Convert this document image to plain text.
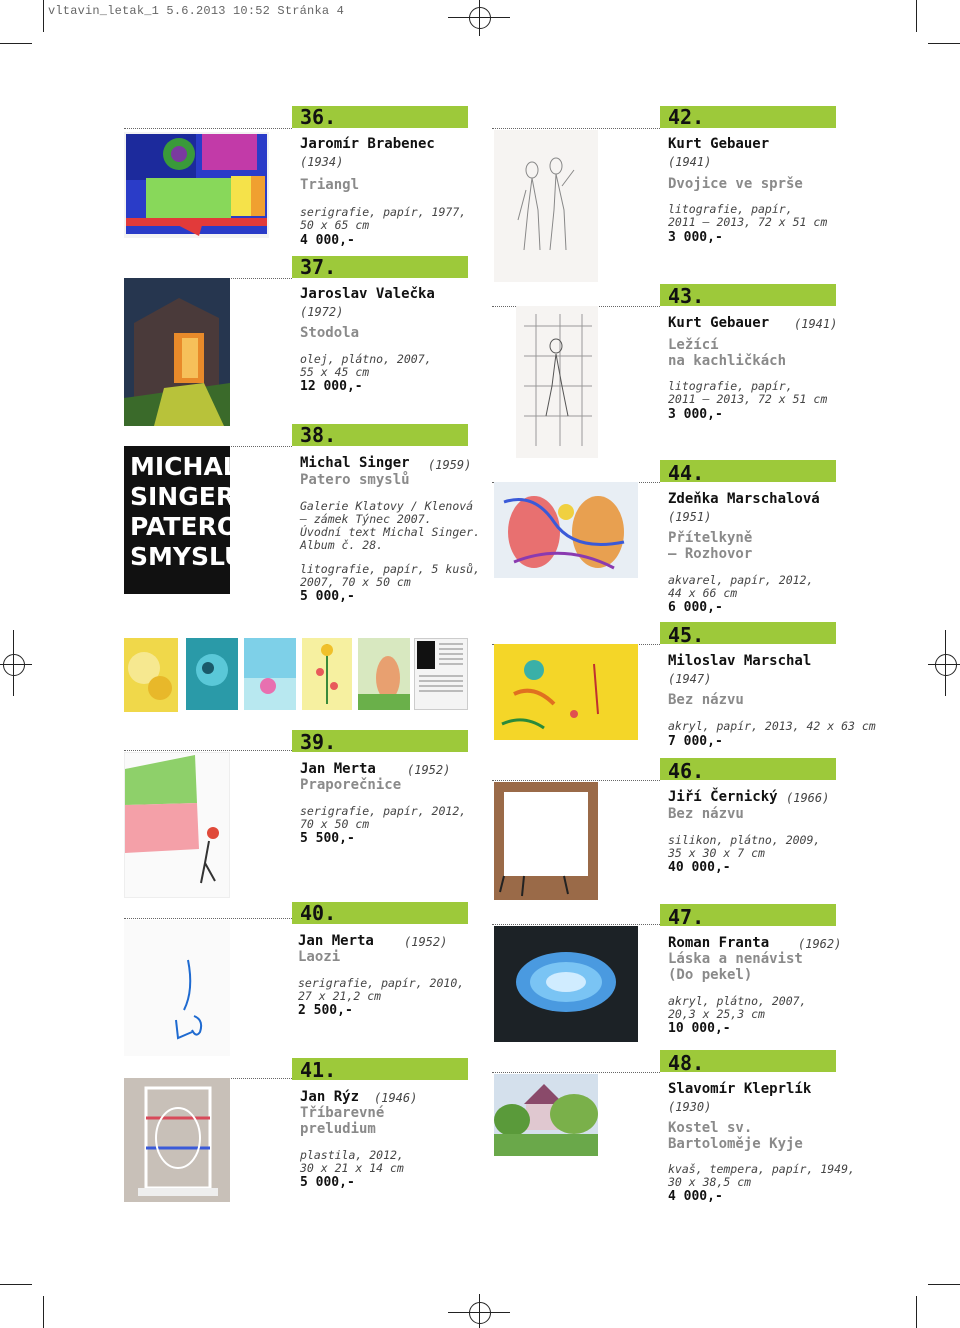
vltavin_letak_1 5.6.2013 10:52 Stránka 4
MICHAL
SINGER
PATERO
SMYSLŮ
36.
Jaromír Brabenec
(1934)
Triangl
serigrafie, papír, 1977,
50 x 65 cm
4 000,-
37.
Jaroslav Valečka
(1972)
Stodola
olej, plátno, 2007,
55 x 45 cm
12 000,-
38.
Michal Singer (1959)
Patero smyslů
Galerie Klatovy / Klenová
– zámek Týnec 2007.
Úvodní text Michal Singer.
Album č. 28.
litografie, papír, 5 kusů,
2007, 70 x 50 cm
5 000,-
39.
Jan Merta	(1952)
Praporečnice
serigrafie, papír, 2012,
70 x 50 cm
5 500,-
40.
Jan Merta	(1952)
Laozi
serigrafie, papír, 2010,
27 x 21,2 cm
2 500,-
41.
Jan Rýz (1946)
Tříbarevné
preludium
plastila, 2012,
30 x 21 x 14 cm
5 000,-
42.
Kurt Gebauer
(1941)
Dvojice ve sprše
litografie, papír,
2011 – 2013, 72 x 51 cm
3 000,-
43.
Kurt Gebauer (1941)
Ležící
na kachličkách
litografie, papír,
2011 – 2013, 72 x 51 cm
3 000,-
44.
Zdeňka Marschalová
(1951)
Přítelkyně
– Rozhovor
akvarel, papír, 2012,
44 x 66 cm
6 000,-
45.
Miloslav Marschal
(1947)
Bez názvu
akryl, papír, 2013, 42 x 63 cm
7 000,-
46.
Jiří Černický (1966)
Bez názvu
silikon, plátno, 2009,
35 x 30 x 7 cm
40 000,-
47.
Roman Franta (1962)
Láska a nenávist
(Do pekel)
akryl, plátno, 2007,
20,3 x 25,3 cm
10 000,-
48.
Slavomír Kleprlík
(1930)
Kostel sv.
Bartoloměje Kyje
kvaš, tempera, papír, 1949,
30 x 38,5 cm
4 000,-
